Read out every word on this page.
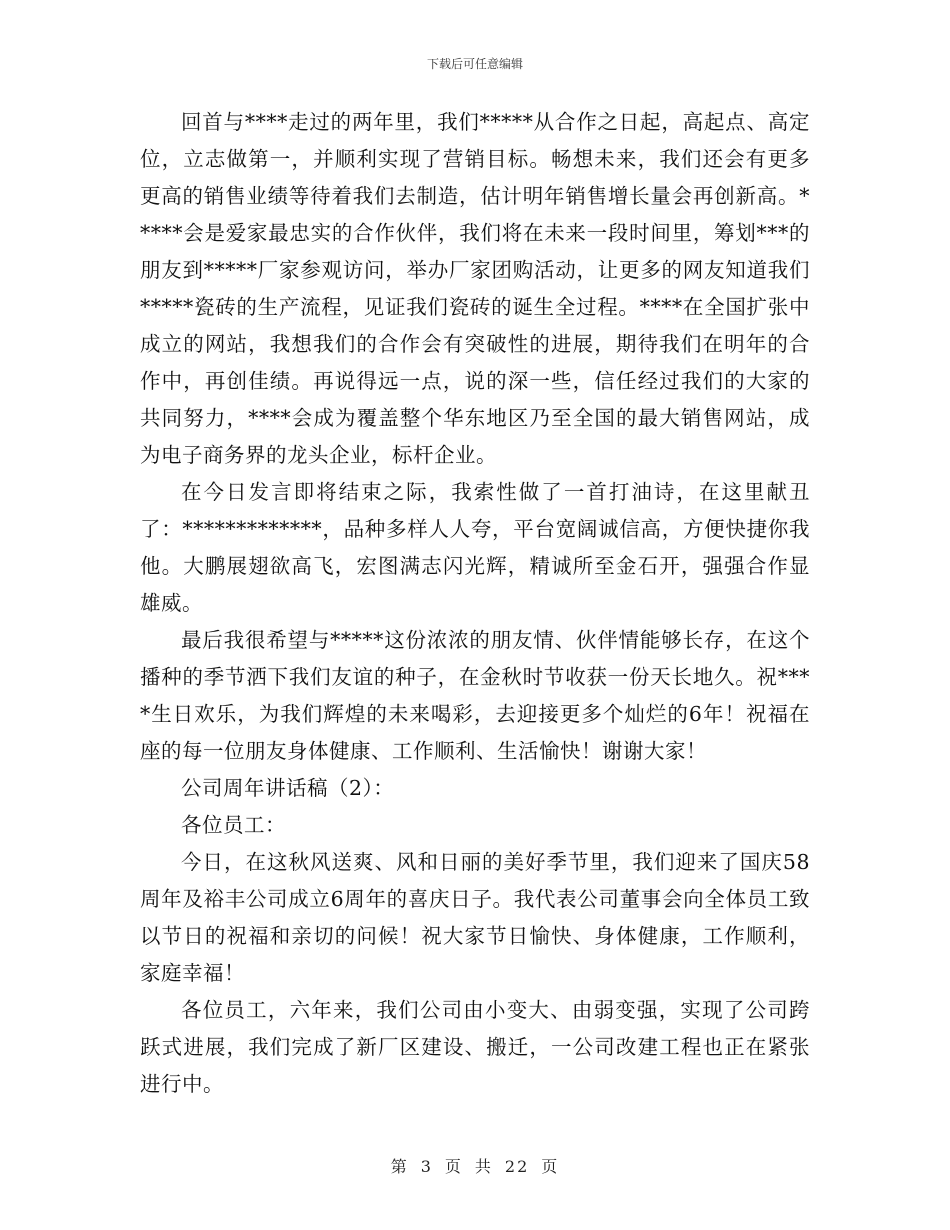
下载后可任意编辑

回首与****走过的两年里，我们*****从合作之日起，高起点、高定位，立志做第一，并顺利实现了营销目标。畅想未来，我们还会有更多更高的销售业绩等待着我们去制造，估计明年销售增长量会再创新高。*****会是爱家最忠实的合作伙伴，我们将在未来一段时间里，筹划***的朋友到*****厂家参观访问，举办厂家团购活动，让更多的网友知道我们*****瓷砖的生产流程，见证我们瓷砖的诞生全过程。****在全国扩张中成立的网站，我想我们的合作会有突破性的进展，期待我们在明年的合作中，再创佳绩。再说得远一点，说的深一些，信任经过我们的大家的共同努力，****会成为覆盖整个华东地区乃至全国的最大销售网站，成为电子商务界的龙头企业，标杆企业。

在今日发言即将结束之际，我索性做了一首打油诗，在这里献丑了：*************，品种多样人人夸，平台宽阔诚信高，方便快捷你我他。大鹏展翅欲高飞，宏图满志闪光辉，精诚所至金石开，强强合作显雄威。

最后我很希望与*****这份浓浓的朋友情、伙伴情能够长存，在这个播种的季节洒下我们友谊的种子，在金秋时节收获一份天长地久。祝****生日欢乐，为我们辉煌的未来喝彩，去迎接更多个灿烂的6年！祝福在座的每一位朋友身体健康、工作顺利、生活愉快！谢谢大家！

公司周年讲话稿（2）：

各位员工：

今日，在这秋风送爽、风和日丽的美好季节里，我们迎来了国庆58周年及裕丰公司成立6周年的喜庆日子。我代表公司董事会向全体员工致以节日的祝福和亲切的问候！祝大家节日愉快、身体健康，工作顺利，家庭幸福！

各位员工，六年来，我们公司由小变大、由弱变强，实现了公司跨跃式进展，我们完成了新厂区建设、搬迁，一公司改建工程也正在紧张进行中。

第 3 页 共 22 页
